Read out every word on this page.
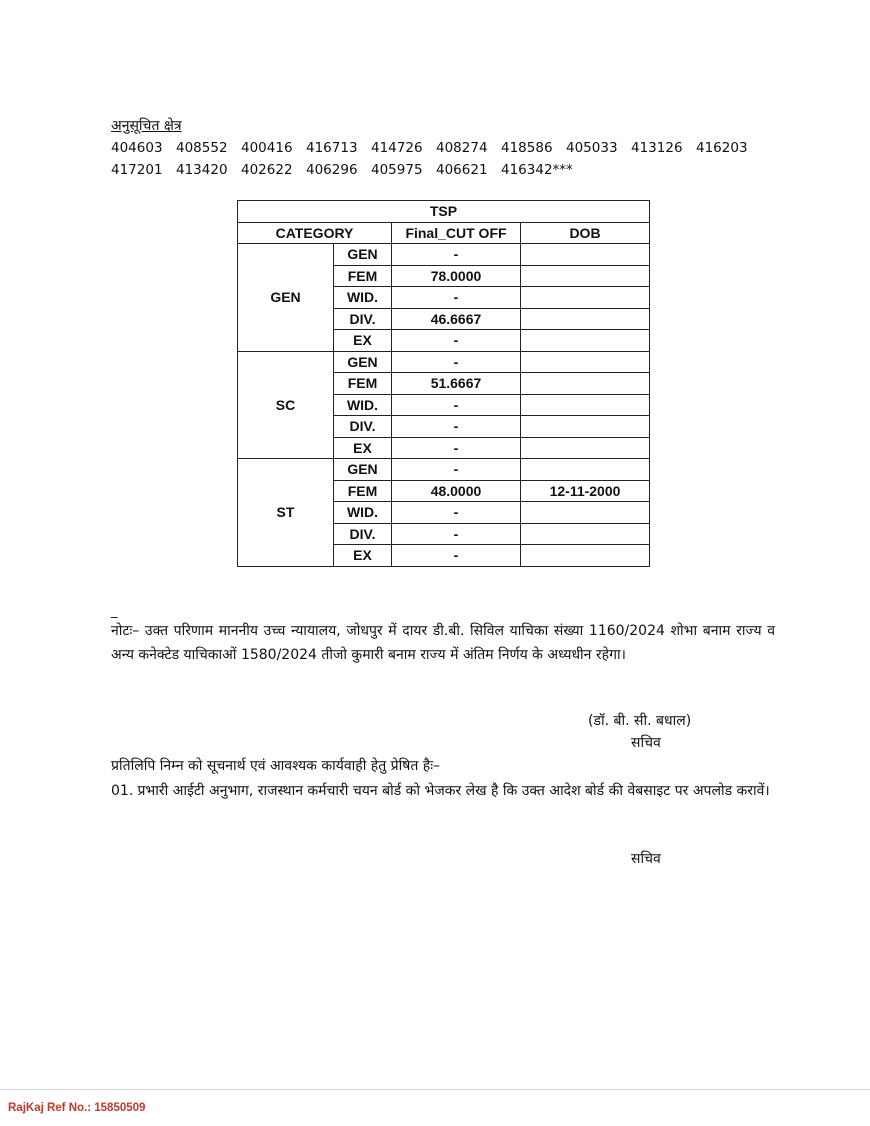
अनुसूचित क्षेत्र
404603 408552 400416 416713 414726 408274 418586 405033 413126 416203
417201 413420 402622 406296 405975 406621 416342***
TSP			
CATEGORY		Final_CUT OFF	DOB
GEN	GEN	-	
	FEM	78.0000	
	WID.	-	
	DIV.	46.6667	
	EX	-	
SC	GEN	-	
	FEM	51.6667	
	WID.	-	
	DIV.	-	
	EX	-	
ST	GEN	-	
	FEM	48.0000	12-11-2000
	WID.	-	
	DIV.	-	
	EX	-	
_
नोटः– उक्त परिणाम माननीय उच्च न्यायालय, जोधपुर में दायर डी.बी. सिविल याचिका संख्या 1160/2024 शोभा बनाम राज्य व अन्य कनेक्टेड याचिकाओं 1580/2024 तीजो कुमारी बनाम राज्य में अंतिम निर्णय के अध्यधीन रहेगा।
(डॉ. बी. सी. बधाल)
सचिव
प्रतिलिपि निम्न को सूचनार्थ एवं आवश्यक कार्यवाही हेतु प्रेषित हैः–
01. प्रभारी आईटी अनुभाग, राजस्थान कर्मचारी चयन बोर्ड को भेजकर लेख है कि उक्त आदेश बोर्ड की वेबसाइट पर अपलोड करावें।
सचिव
RajKaj Ref No.: 15850509
